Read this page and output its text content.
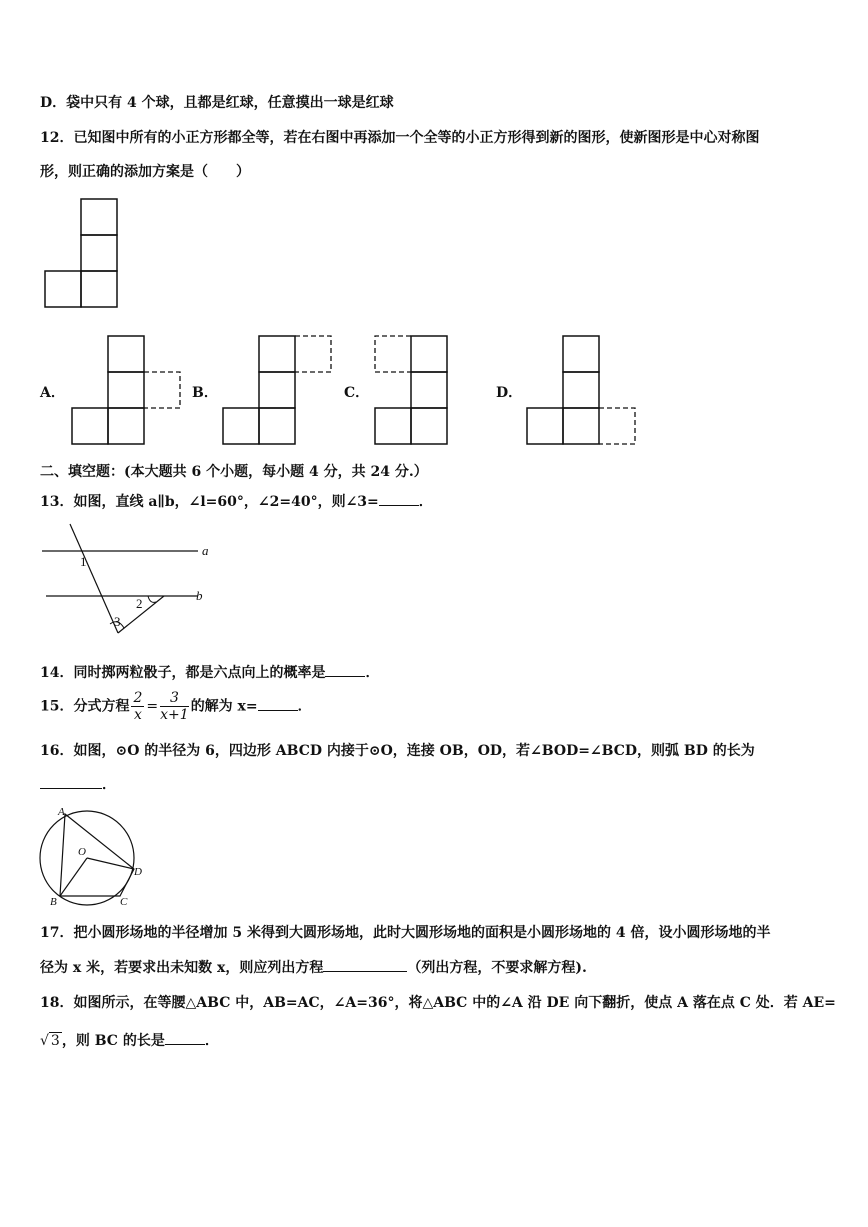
D．袋中只有 4 个球，且都是红球，任意摸出一球是红球
12．已知图中所有的小正方形都全等，若在右图中再添加一个全等的小正方形得到新的图形，使新图形是中心对称图
形，则正确的添加方案是（　　）
A．	B．	C．	D．
二、填空题：(本大题共 6 个小题，每小题 4 分，共 24 分.）
13．如图，直线 a∥b，∠l=60°，∠2=40°，则∠3=	．
a
b
1
2
3
14．同时掷两粒骰子，都是六点向上的概率是	．
15．分式方程 $\frac{2}{x} = \frac{3}{x+1}$ 的解为 x=	．
16．如图，⊙O 的半径为 6，四边形 ABCD 内接于⊙O，连接 OB，OD，若∠BOD=∠BCD，则弧 BD 的长为
．
A
O
D
B	C
17．把小圆形场地的半径增加 5 米得到大圆形场地，此时大圆形场地的面积是小圆形场地的 4 倍，设小圆形场地的半
径为 x 米，若要求出未知数 x，则应列出方程	（列出方程，不要求解方程).
18．如图所示，在等腰△ABC 中，AB=AC，∠A=36°，将△ABC 中的∠A 沿 DE 向下翻折，使点 A 落在点 C 处．若 AE=
√ 3 ，则 BC 的长是	．
